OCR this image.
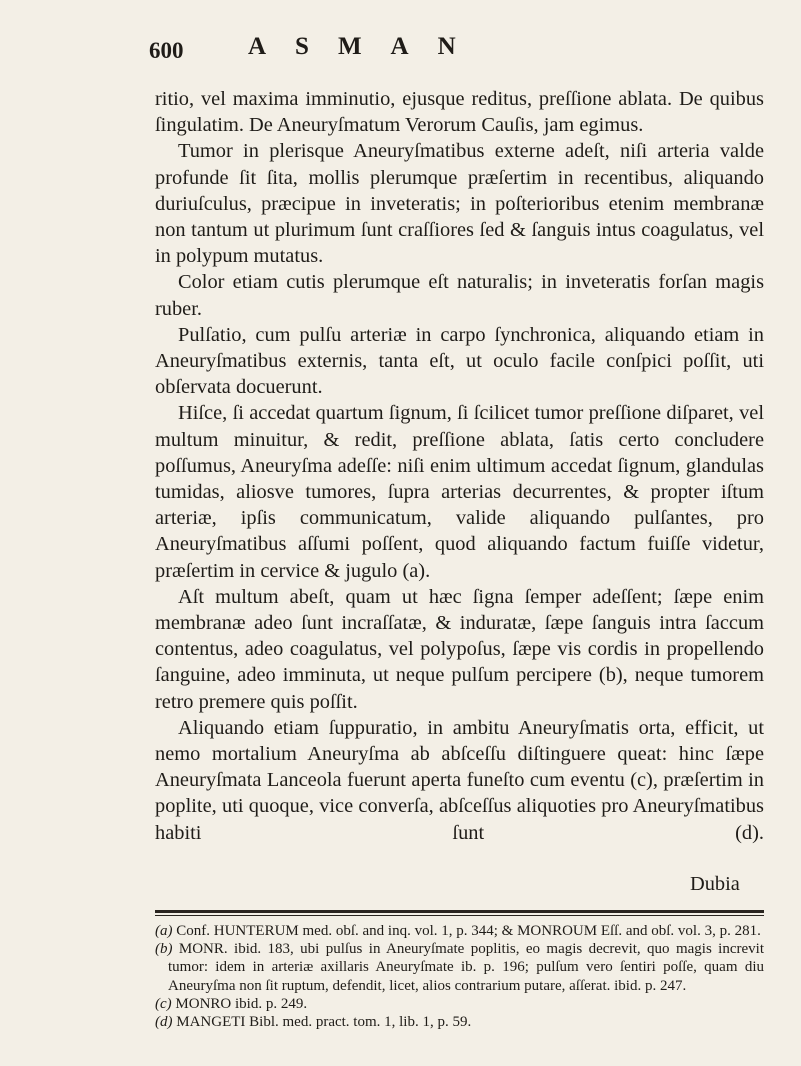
600	ASMAN

ritio, vel maxima imminutio, ejusque reditus, preſſione ablata. De quibus ſingulatim. De Aneuryſmatum Verorum Cauſis, jam egimus.

Tumor in plerisque Aneuryſmatibus externe adeſt, niſi arteria valde profunde ſit ſita, mollis plerumque præſertim in recentibus, aliquando duriuſculus, præcipue in inveteratis; in poſterioribus etenim membranæ non tantum ut plurimum ſunt craſſiores ſed & ſanguis intus coagulatus, vel in polypum mutatus.

Color etiam cutis plerumque eſt naturalis; in inveteratis forſan magis ruber.

Pulſatio, cum pulſu arteriæ in carpo ſynchronica, aliquando etiam in Aneuryſmatibus externis, tanta eſt, ut oculo facile conſpici poſſit, uti obſervata docuerunt.

Hiſce, ſi accedat quartum ſignum, ſi ſcilicet tumor preſſione diſparet, vel multum minuitur, & redit, preſſione ablata, ſatis certo concludere poſſumus, Aneuryſma adeſſe: niſi enim ultimum accedat ſignum, glandulas tumidas, aliosve tumores, ſupra arterias decurrentes, & propter iſtum arteriæ, ipſis communicatum, valide aliquando pulſantes, pro Aneuryſmatibus aſſumi poſſent, quod aliquando factum fuiſſe videtur, præſertim in cervice & jugulo (a).

Aſt multum abeſt, quam ut hæc ſigna ſemper adeſſent; ſæpe enim membranæ adeo ſunt incraſſatæ, & induratæ, ſæpe ſanguis intra ſaccum contentus, adeo coagulatus, vel polypoſus, ſæpe vis cordis in propellendo ſanguine, adeo imminuta, ut neque pulſum percipere (b), neque tumorem retro premere quis poſſit.

Aliquando etiam ſuppuratio, in ambitu Aneuryſmatis orta, efficit, ut nemo mortalium Aneuryſma ab abſceſſu diſtinguere queat: hinc ſæpe Aneuryſmata Lanceola fuerunt aperta funeſto cum eventu (c), præſertim in poplite, uti quoque, vice converſa, abſceſſus aliquoties pro Aneuryſmatibus habiti ſunt (d).

Dubia

(a) Conf. HUNTERUM med. obſ. and inq. vol. 1, p. 344; & MONROUM Eſſ. and obſ. vol. 3, p. 281.

(b) MONR. ibid. 183, ubi pulſus in Aneuryſmate poplitis, eo magis decrevit, quo magis increvit tumor: idem in arteriæ axillaris Aneuryſmate ib. p. 196; pulſum vero ſentiri poſſe, quam diu Aneuryſma non ſit ruptum, defendit, licet, alios contrarium putare, aſſerat. ibid. p. 247.

(c) MONRO ibid. p. 249.

(d) MANGETI Bibl. med. pract. tom. 1, lib. 1, p. 59.
